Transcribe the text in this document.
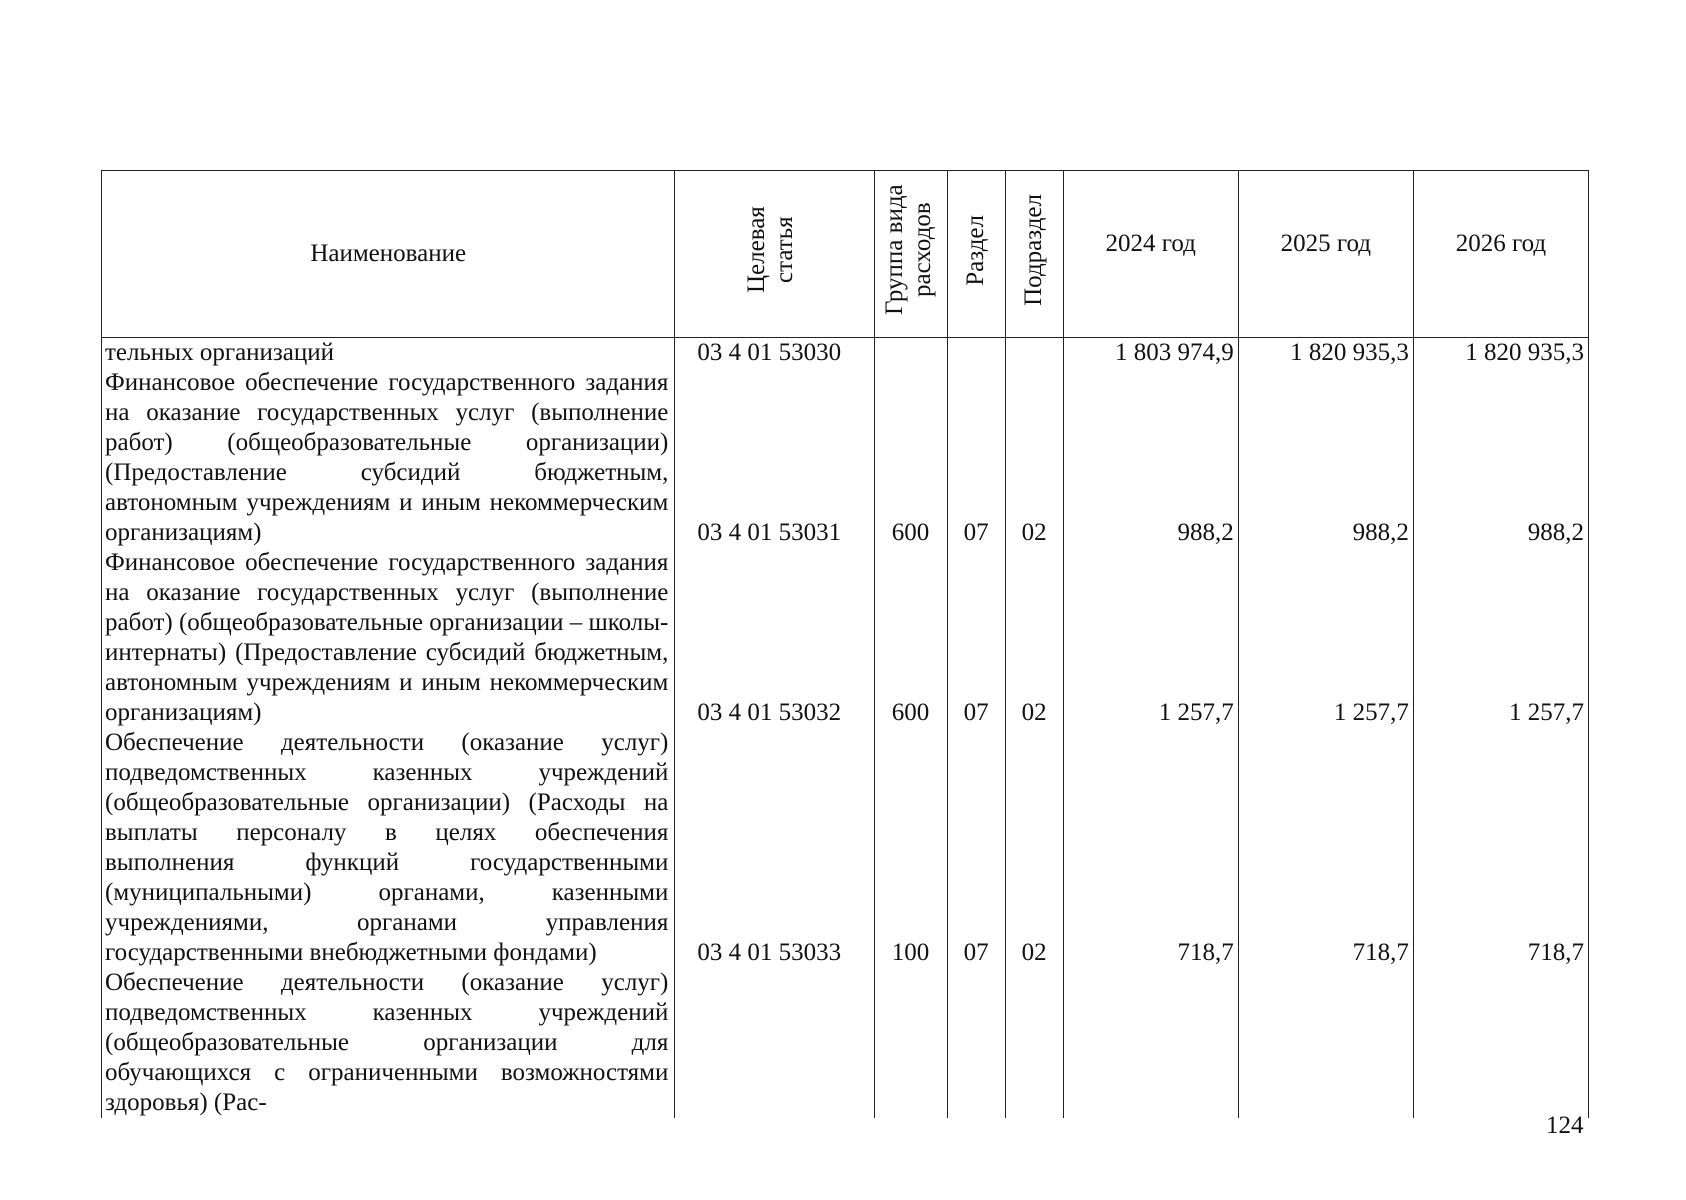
Наименование	Целевая статья	Группа вида расходов	Раздел	Подраздел	2024 год	2025 год	2026 год
тельных организаций	03 4 01 53030				1 803 974,9	1 820 935,3	1 820 935,3
Финансовое обеспечение государственного задания на оказание государственных услуг (выполнение работ) (общеобразовательные организации) (Предоставление субсидий бюджетным, автономным учреждениям и иным некоммерческим организациям)	03 4 01 53031	600	07	02	988,2	988,2	988,2
Финансовое обеспечение государственного задания на оказание государственных услуг (выполнение работ) (общеобразовательные организации – школы-интернаты) (Предоставление субсидий бюджетным, автономным учреждениям и иным некоммерческим организациям)	03 4 01 53032	600	07	02	1 257,7	1 257,7	1 257,7
Обеспечение деятельности (оказание услуг) подведомственных казенных учреждений (общеобразовательные организации) (Расходы на выплаты персоналу в целях обеспечения выполнения функций государственными (муниципальными) органами, казенными учреждениями, органами управления государственными внебюджетными фондами)	03 4 01 53033	100	07	02	718,7	718,7	718,7
Обеспечение деятельности (оказание услуг) подведомственных казенных учреждений (общеобразовательные организации для обучающихся с ограниченными возможностями здоровья) (Рас-							
124
